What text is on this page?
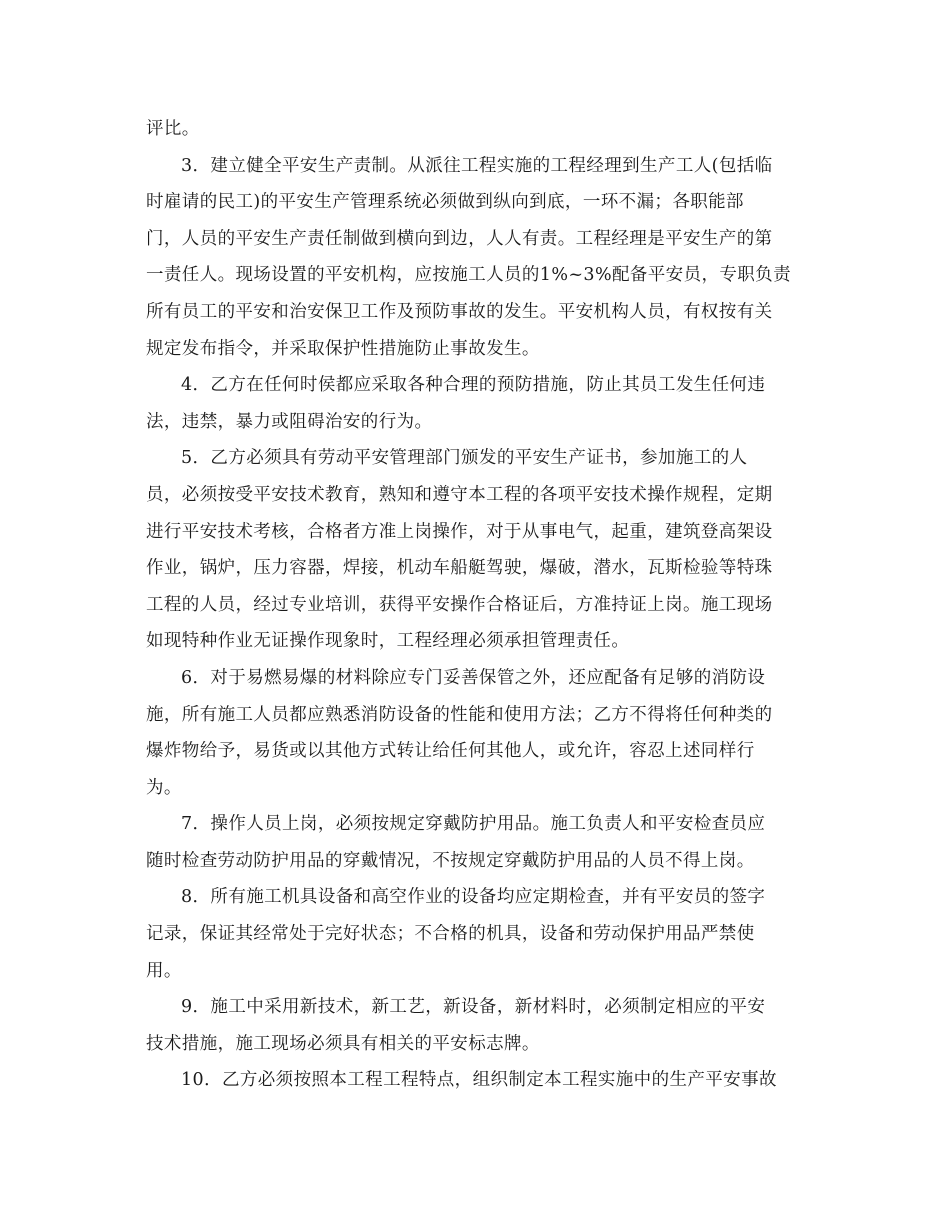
评比。
3．建立健全平安生产责制。从派往工程实施的工程经理到生产工人(包括临
时雇请的民工)的平安生产管理系统必须做到纵向到底，一环不漏；各职能部
门，人员的平安生产责任制做到横向到边，人人有责。工程经理是平安生产的第
一责任人。现场设置的平安机构，应按施工人员的1%~3%配备平安员，专职负责
所有员工的平安和治安保卫工作及预防事故的发生。平安机构人员，有权按有关
规定发布指令，并采取保护性措施防止事故发生。
4．乙方在任何时侯都应采取各种合理的预防措施，防止其员工发生任何违
法，违禁，暴力或阻碍治安的行为。
5．乙方必须具有劳动平安管理部门颁发的平安生产证书，参加施工的人
员，必须按受平安技术教育，熟知和遵守本工程的各项平安技术操作规程，定期
进行平安技术考核，合格者方准上岗操作，对于从事电气，起重，建筑登高架设
作业，锅炉，压力容器，焊接，机动车船艇驾驶，爆破，潜水，瓦斯检验等特珠
工程的人员，经过专业培训，获得平安操作合格证后，方准持证上岗。施工现场
如现特种作业无证操作现象时，工程经理必须承担管理责任。
6．对于易燃易爆的材料除应专门妥善保管之外，还应配备有足够的消防设
施，所有施工人员都应熟悉消防设备的性能和使用方法；乙方不得将任何种类的
爆炸物给予，易货或以其他方式转让给任何其他人，或允许，容忍上述同样行
为。
7．操作人员上岗，必须按规定穿戴防护用品。施工负责人和平安检查员应
随时检查劳动防护用品的穿戴情况，不按规定穿戴防护用品的人员不得上岗。
8．所有施工机具设备和高空作业的设备均应定期检查，并有平安员的签字
记录，保证其经常处于完好状态；不合格的机具，设备和劳动保护用品严禁使
用。
9．施工中采用新技术，新工艺，新设备，新材料时，必须制定相应的平安
技术措施，施工现场必须具有相关的平安标志牌。
10．乙方必须按照本工程工程特点，组织制定本工程实施中的生产平安事故
